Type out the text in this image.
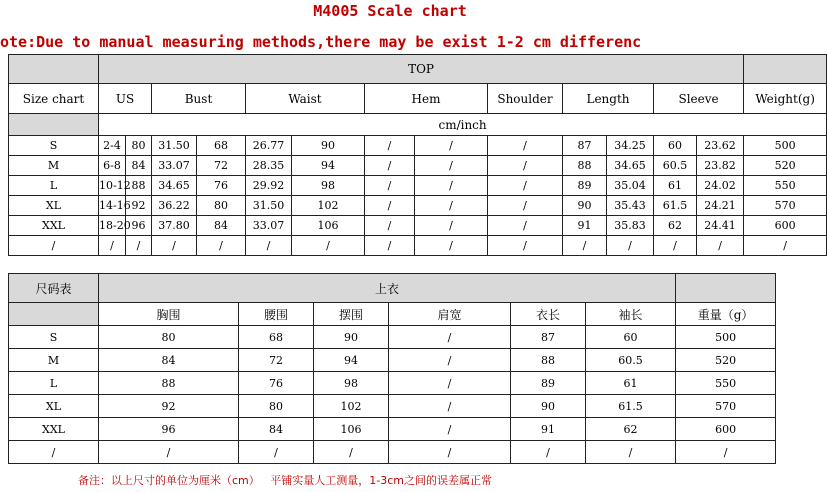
M4005 Scale chart
ote:Due to manual measuring methods,there may be exist 1-2 cm differenc
	TOP													
Size chart	US		Bust		Waist		Hem		Shoulder	Length		Sleeve		Weight(g)
	cm/inch													
S	2-4	80	31.50	68	26.77	90	/	/	/	87	34.25	60	23.62	500
M	6-8	84	33.07	72	28.35	94	/	/	/	88	34.65	60.5	23.82	520
L	10-12	88	34.65	76	29.92	98	/	/	/	89	35.04	61	24.02	550
XL	14-16	92	36.22	80	31.50	102	/	/	/	90	35.43	61.5	24.21	570
XXL	18-20	96	37.80	84	33.07	106	/	/	/	91	35.83	62	24.41	600
/	/	/	/	/	/	/	/	/	/	/	/	/	/	/
尺码表	上衣						
	胸围	腰围	摆围	肩宽	衣长	袖长	重量（g）
S	80	68	90	/	87	60	500
M	84	72	94	/	88	60.5	520
L	88	76	98	/	89	61	550
XL	92	80	102	/	90	61.5	570
XXL	96	84	106	/	91	62	600
/	/	/	/	/	/	/	/
备注：以上尺寸的单位为厘米（cm）   平铺实量人工测量，1-3cm之间的误差属正常
